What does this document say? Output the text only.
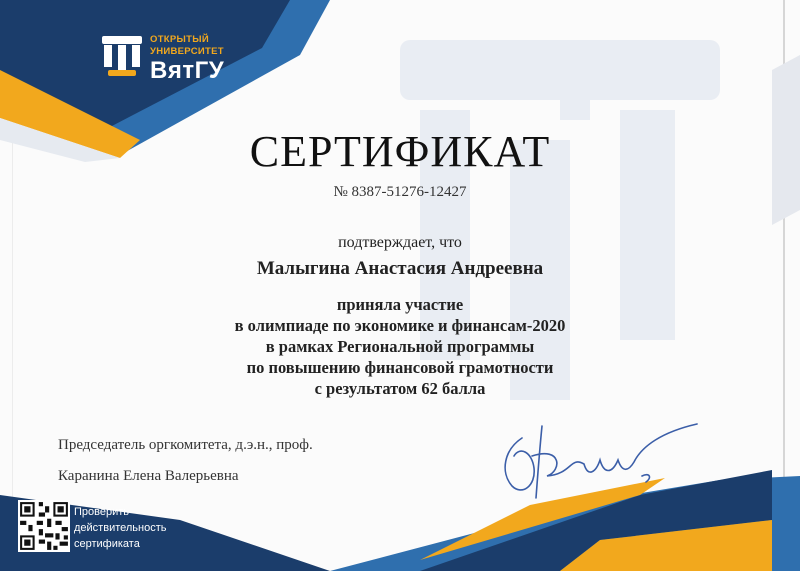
ОТКРЫТЫЙ
УНИВЕРСИТЕТ
ВятГУ
СЕРТИФИКАТ
№ 8387-51276-12427
подтверждает, что
Малыгина Анастасия Андреевна
приняла участие
в олимпиаде по экономике и финансам-2020
в рамках Региональной программы
по повышению финансовой грамотности
с результатом 62 балла
Председатель оргкомитета, д.э.н., проф.
Каранина Елена Валерьевна
Проверить
действительность
сертификата
